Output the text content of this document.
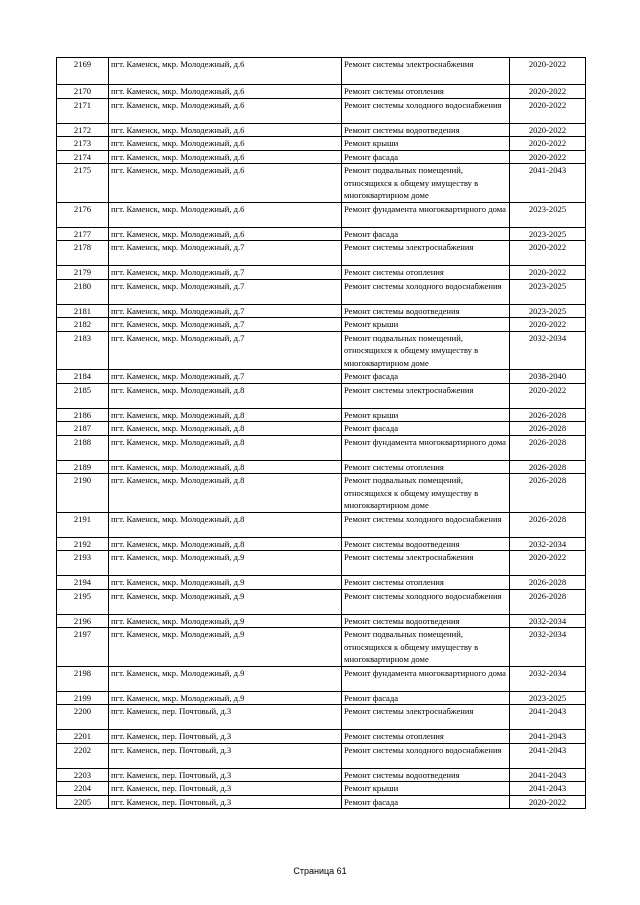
2169	пгт. Каменск, мкр. Молодежный, д.6	Ремонт системы электроснабжения	2020-2022
2170	пгт. Каменск, мкр. Молодежный, д.6	Ремонт системы отопления	2020-2022
2171	пгт. Каменск, мкр. Молодежный, д.6	Ремонт системы холодного водоснабжения	2020-2022
2172	пгт. Каменск, мкр. Молодежный, д.6	Ремонт системы водоотведения	2020-2022
2173	пгт. Каменск, мкр. Молодежный, д.6	Ремонт крыши	2020-2022
2174	пгт. Каменск, мкр. Молодежный, д.6	Ремонт фасада	2020-2022
2175	пгт. Каменск, мкр. Молодежный, д.6	Ремонт подвальных помещений, относящихся к общему имуществу в многоквартирном доме	2041-2043
2176	пгт. Каменск, мкр. Молодежный, д.6	Ремонт фундамента многоквартирного дома	2023-2025
2177	пгт. Каменск, мкр. Молодежный, д.6	Ремонт фасада	2023-2025
2178	пгт. Каменск, мкр. Молодежный, д.7	Ремонт системы электроснабжения	2020-2022
2179	пгт. Каменск, мкр. Молодежный, д.7	Ремонт системы отопления	2020-2022
2180	пгт. Каменск, мкр. Молодежный, д.7	Ремонт системы холодного водоснабжения	2023-2025
2181	пгт. Каменск, мкр. Молодежный, д.7	Ремонт системы водоотведения	2023-2025
2182	пгт. Каменск, мкр. Молодежный, д.7	Ремонт крыши	2020-2022
2183	пгт. Каменск, мкр. Молодежный, д.7	Ремонт подвальных помещений, относящихся к общему имуществу в многоквартирном доме	2032-2034
2184	пгт. Каменск, мкр. Молодежный, д.7	Ремонт фасада	2038-2040
2185	пгт. Каменск, мкр. Молодежный, д.8	Ремонт системы электроснабжения	2020-2022
2186	пгт. Каменск, мкр. Молодежный, д.8	Ремонт крыши	2026-2028
2187	пгт. Каменск, мкр. Молодежный, д.8	Ремонт фасада	2026-2028
2188	пгт. Каменск, мкр. Молодежный, д.8	Ремонт фундамента многоквартирного дома	2026-2028
2189	пгт. Каменск, мкр. Молодежный, д.8	Ремонт системы отопления	2026-2028
2190	пгт. Каменск, мкр. Молодежный, д.8	Ремонт подвальных помещений, относящихся к общему имуществу в многоквартирном доме	2026-2028
2191	пгт. Каменск, мкр. Молодежный, д.8	Ремонт системы холодного водоснабжения	2026-2028
2192	пгт. Каменск, мкр. Молодежный, д.8	Ремонт системы водоотведения	2032-2034
2193	пгт. Каменск, мкр. Молодежный, д.9	Ремонт системы электроснабжения	2020-2022
2194	пгт. Каменск, мкр. Молодежный, д.9	Ремонт системы отопления	2026-2028
2195	пгт. Каменск, мкр. Молодежный, д.9	Ремонт системы холодного водоснабжения	2026-2028
2196	пгт. Каменск, мкр. Молодежный, д.9	Ремонт системы водоотведения	2032-2034
2197	пгт. Каменск, мкр. Молодежный, д.9	Ремонт подвальных помещений, относящихся к общему имуществу в многоквартирном доме	2032-2034
2198	пгт. Каменск, мкр. Молодежный, д.9	Ремонт фундамента многоквартирного дома	2032-2034
2199	пгт. Каменск, мкр. Молодежный, д.9	Ремонт фасада	2023-2025
2200	пгт. Каменск, пер. Почтовый, д.3	Ремонт системы электроснабжения	2041-2043
2201	пгт. Каменск, пер. Почтовый, д.3	Ремонт системы отопления	2041-2043
2202	пгт. Каменск, пер. Почтовый, д.3	Ремонт системы холодного водоснабжения	2041-2043
2203	пгт. Каменск, пер. Почтовый, д.3	Ремонт системы водоотведения	2041-2043
2204	пгт. Каменск, пер. Почтовый, д.3	Ремонт крыши	2041-2043
2205	пгт. Каменск, пер. Почтовый, д.3	Ремонт фасада	2020-2022
Страница 61
